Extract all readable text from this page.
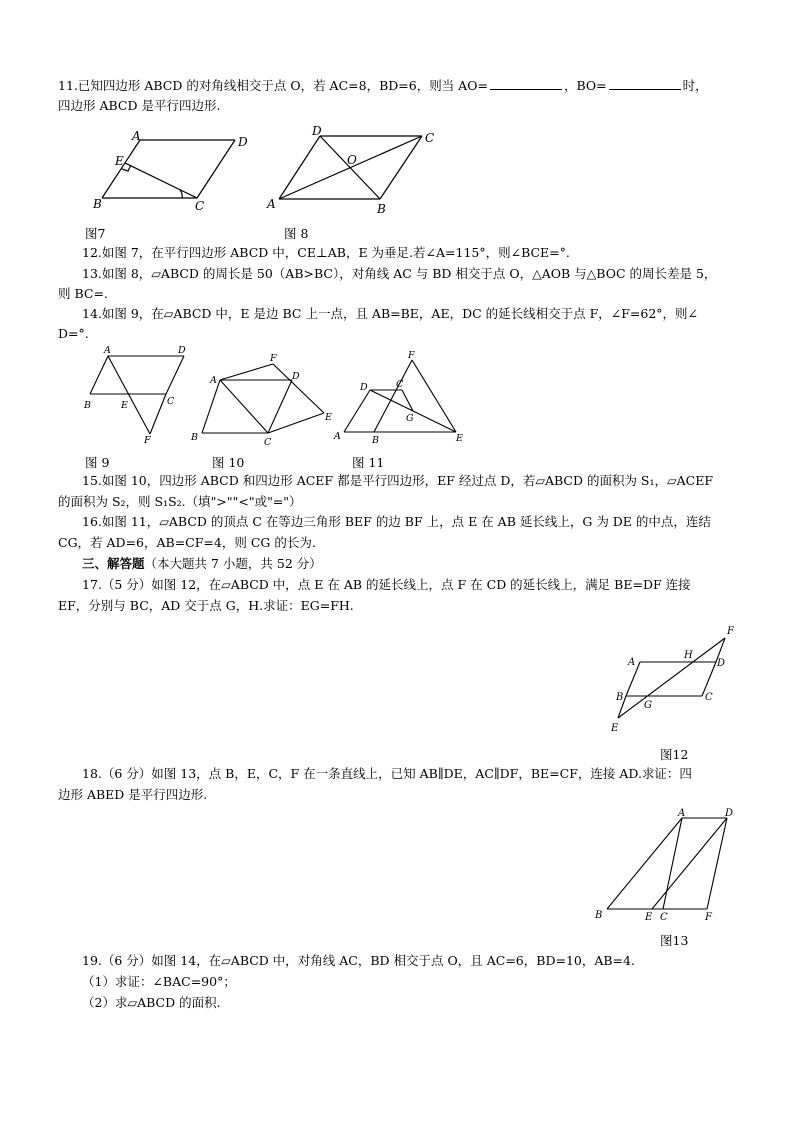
11.已知四边形 ABCD 的对角线相交于点 O，若 AC=8，BD=6，则当 AO=	，BO=	时，
四边形 ABCD 是平行四边形.
A	D
E
B	C
D	C
O
A	B
图7	图 8
12.如图 7，在平行四边形 ABCD 中，CE⊥AB，E 为垂足.若∠A=115°，则∠BCE=°.
13.如图 8，▱ABCD 的周长是 50（AB>BC），对角线 AC 与 BD 相交于点 O，△AOB 与△BOC 的周长差是 5，
则 BC=.
14.如图 9，在▱ABCD 中，E 是边 BC 上一点，且 AB=BE，AE，DC 的延长线相交于点 F，∠F=62°，则∠
D=°.
A	D
B	E	C
F
F
A	D
E
B	C
F
D	C
G
A	B	E
图 9	图 10	图 11
15.如图 10，四边形 ABCD 和四边形 ACEF 都是平行四边形，EF 经过点 D，若▱ABCD 的面积为 S₁，▱ACEF
的面积为 S₂，则 S₁S₂.（填">""<"或"="）
16.如图 11，▱ABCD 的顶点 C 在等边三角形 BEF 的边 BF 上，点 E 在 AB 延长线上，G 为 DE 的中点，连结
CG，若 AD=6，AB=CF=4，则 CG 的长为.
三、解答题（本大题共 7 小题，共 52 分）
17.（5 分）如图 12，在▱ABCD 中，点 E 在 AB 的延长线上，点 F 在 CD 的延长线上，满足 BE=DF 连接
EF，分别与 BC，AD 交于点 G，H.求证：EG=FH.
F
A
H
D
B	C
G
E
图12
18.（6 分）如图 13，点 B，E，C，F 在一条直线上，已知 AB∥DE，AC∥DF，BE=CF，连接 AD.求证：四
边形 ABED 是平行四边形.
A	D
B	E C	F
图13
19.（6 分）如图 14，在▱ABCD 中，对角线 AC，BD 相交于点 O，且 AC=6，BD=10，AB=4.
（1）求证：∠BAC=90°；
（2）求▱ABCD 的面积.
